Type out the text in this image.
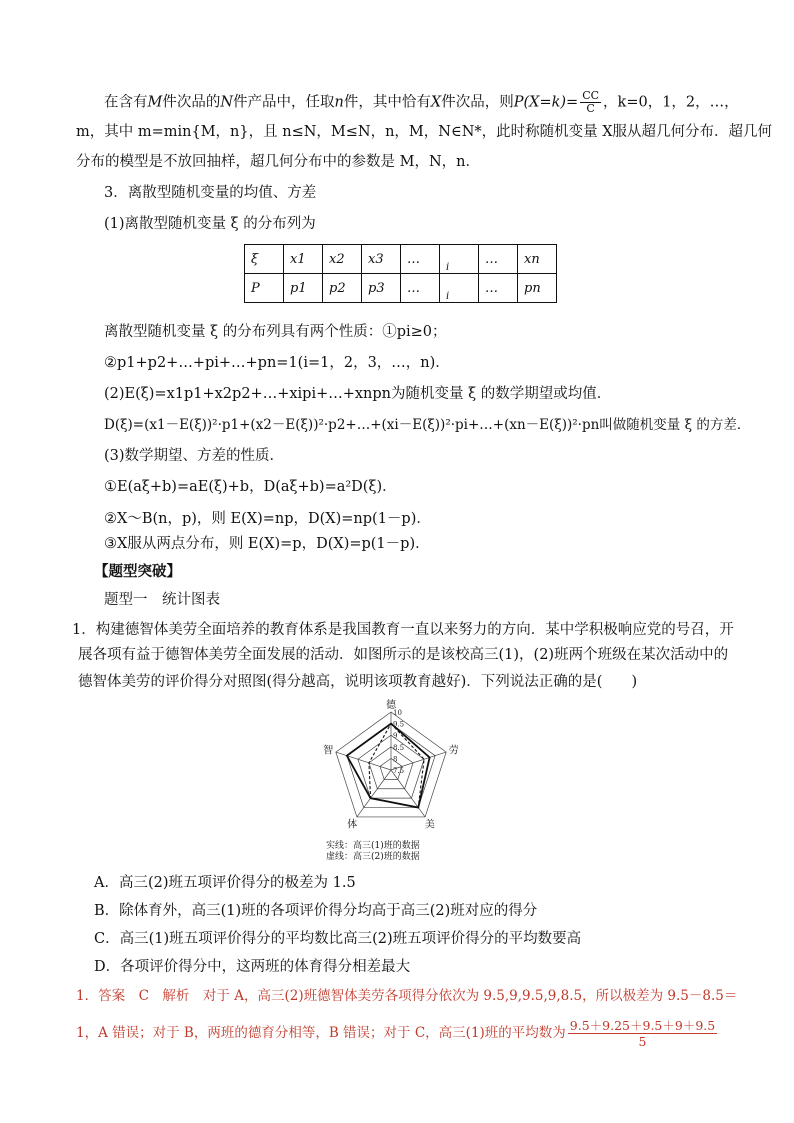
在含有M件次品的N件产品中，任取n件，其中恰有X件次品，则$P(X=k)= \frac{CC}{C}$ ，k=0，1，2，…，
m，其中 m=min{M，n}，且 n≤N，M≤N，n，M，N∈N*，此时称随机变量 X服从超几何分布．超几何
分布的模型是不放回抽样，超几何分布中的参数是 M，N，n．
3．离散型随机变量的均值、方差
(1)离散型随机变量 ξ 的分布列为
ξ	x1	x2	x3	…	i	…	xn
P	p1	p2	p3	…	i	…	pn
离散型随机变量 ξ 的分布列具有两个性质：①pi≥0；
②p1+p2+…+pi+…+pn=1(i=1，2，3，…，n)．
(2)E(ξ)=x1p1+x2p2+…+xipi+…+xnpn为随机变量 ξ 的数学期望或均值．
D(ξ)=(x1－E(ξ))²·p1+(x2－E(ξ))²·p2+…+(xi－E(ξ))²·pi+…+(xn－E(ξ))²·pn叫做随机变量 ξ 的方差．
(3)数学期望、方差的性质．
①E(aξ+b)=aE(ξ)+b，D(aξ+b)=a²D(ξ)．
②X～B(n，p)，则 E(X)=np，D(X)=np(1－p)．
③X服从两点分布，则 E(X)=p，D(X)=p(1－p)．
【题型突破】
题型一　统计图表
1．构建德智体美劳全面培养的教育体系是我国教育一直以来努力的方向．某中学积极响应党的号召，开
展各项有益于德智体美劳全面发展的活动．如图所示的是该校高三(1)，(2)班两个班级在某次活动中的
德智体美劳的评价得分对照图(得分越高，说明该项教育越好)．下列说法正确的是(　　)
10
9.5
9
8.5
8
7.5
德
劳
美
体
智
实线：高三(1)班的数据
虚线：高三(2)班的数据
A．高三(2)班五项评价得分的极差为 1.5
B．除体育外，高三(1)班的各项评价得分均高于高三(2)班对应的得分
C．高三(1)班五项评价得分的平均数比高三(2)班五项评价得分的平均数要高
D．各项评价得分中，这两班的体育得分相差最大
1．答案　C　解析　对于 A，高三(2)班德智体美劳各项得分依次为 9.5,9,9.5,9,8.5，所以极差为 9.5－8.5＝
1，A 错误；对于 B，两班的德育分相等，B 错误；对于 C，高三(1)班的平均数为 $\frac{9.5+9.25+9.5+9+9.5}{5}$
